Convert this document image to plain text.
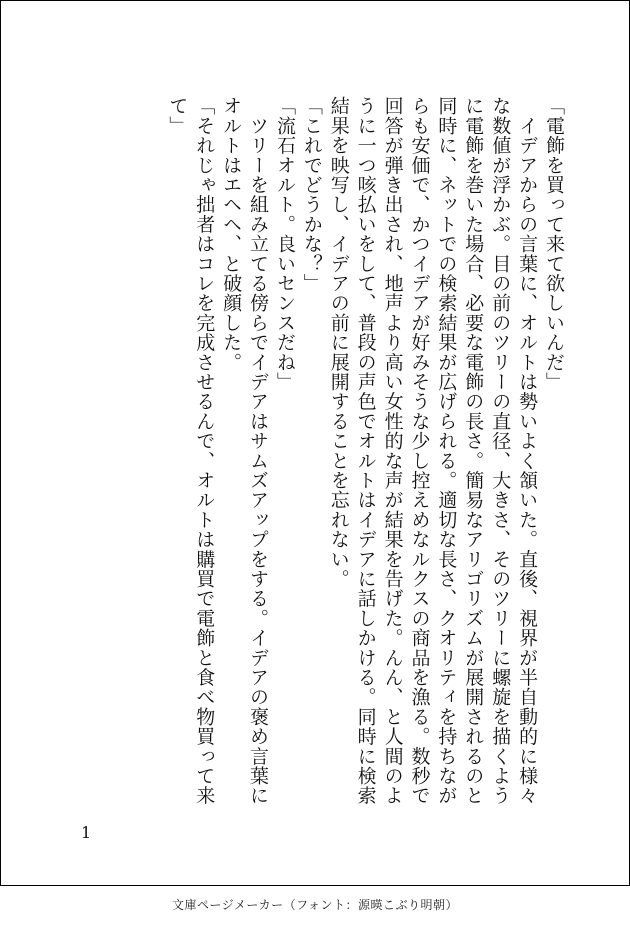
「電飾を買って来て欲しいんだ」
　イデアからの言葉に、オルトは勢いよく頷いた。直後、視界が半自動的に様々
な数値が浮かぶ。目の前のツリーの直径、大きさ、そのツリーに螺旋を描くよう
に電飾を巻いた場合、必要な電飾の長さ。簡易なアリゴリズムが展開されるのと
同時に、ネットでの検索結果が広げられる。適切な長さ、クオリティを持ちなが
らも安価で、かつイデアが好みそうな少し控えめなルクスの商品を漁る。数秒で
回答が弾き出され、地声より高い女性的な声が結果を告げた。んん、と人間のよ
うに一つ咳払いをして、普段の声色でオルトはイデアに話しかける。同時に検索
結果を映写し、イデアの前に展開することを忘れない。
「これでどうかな？」
「流石オルト。良いセンスだね」
　ツリーを組み立てる傍らでイデアはサムズアップをする。イデアの褒め言葉に
オルトはエヘヘ、と破顔した。
「それじゃ拙者はコレを完成させるんで、オルトは購買で電飾と食べ物買って来
て」
1
文庫ページメーカー（フォント：源暎こぶり明朝）
